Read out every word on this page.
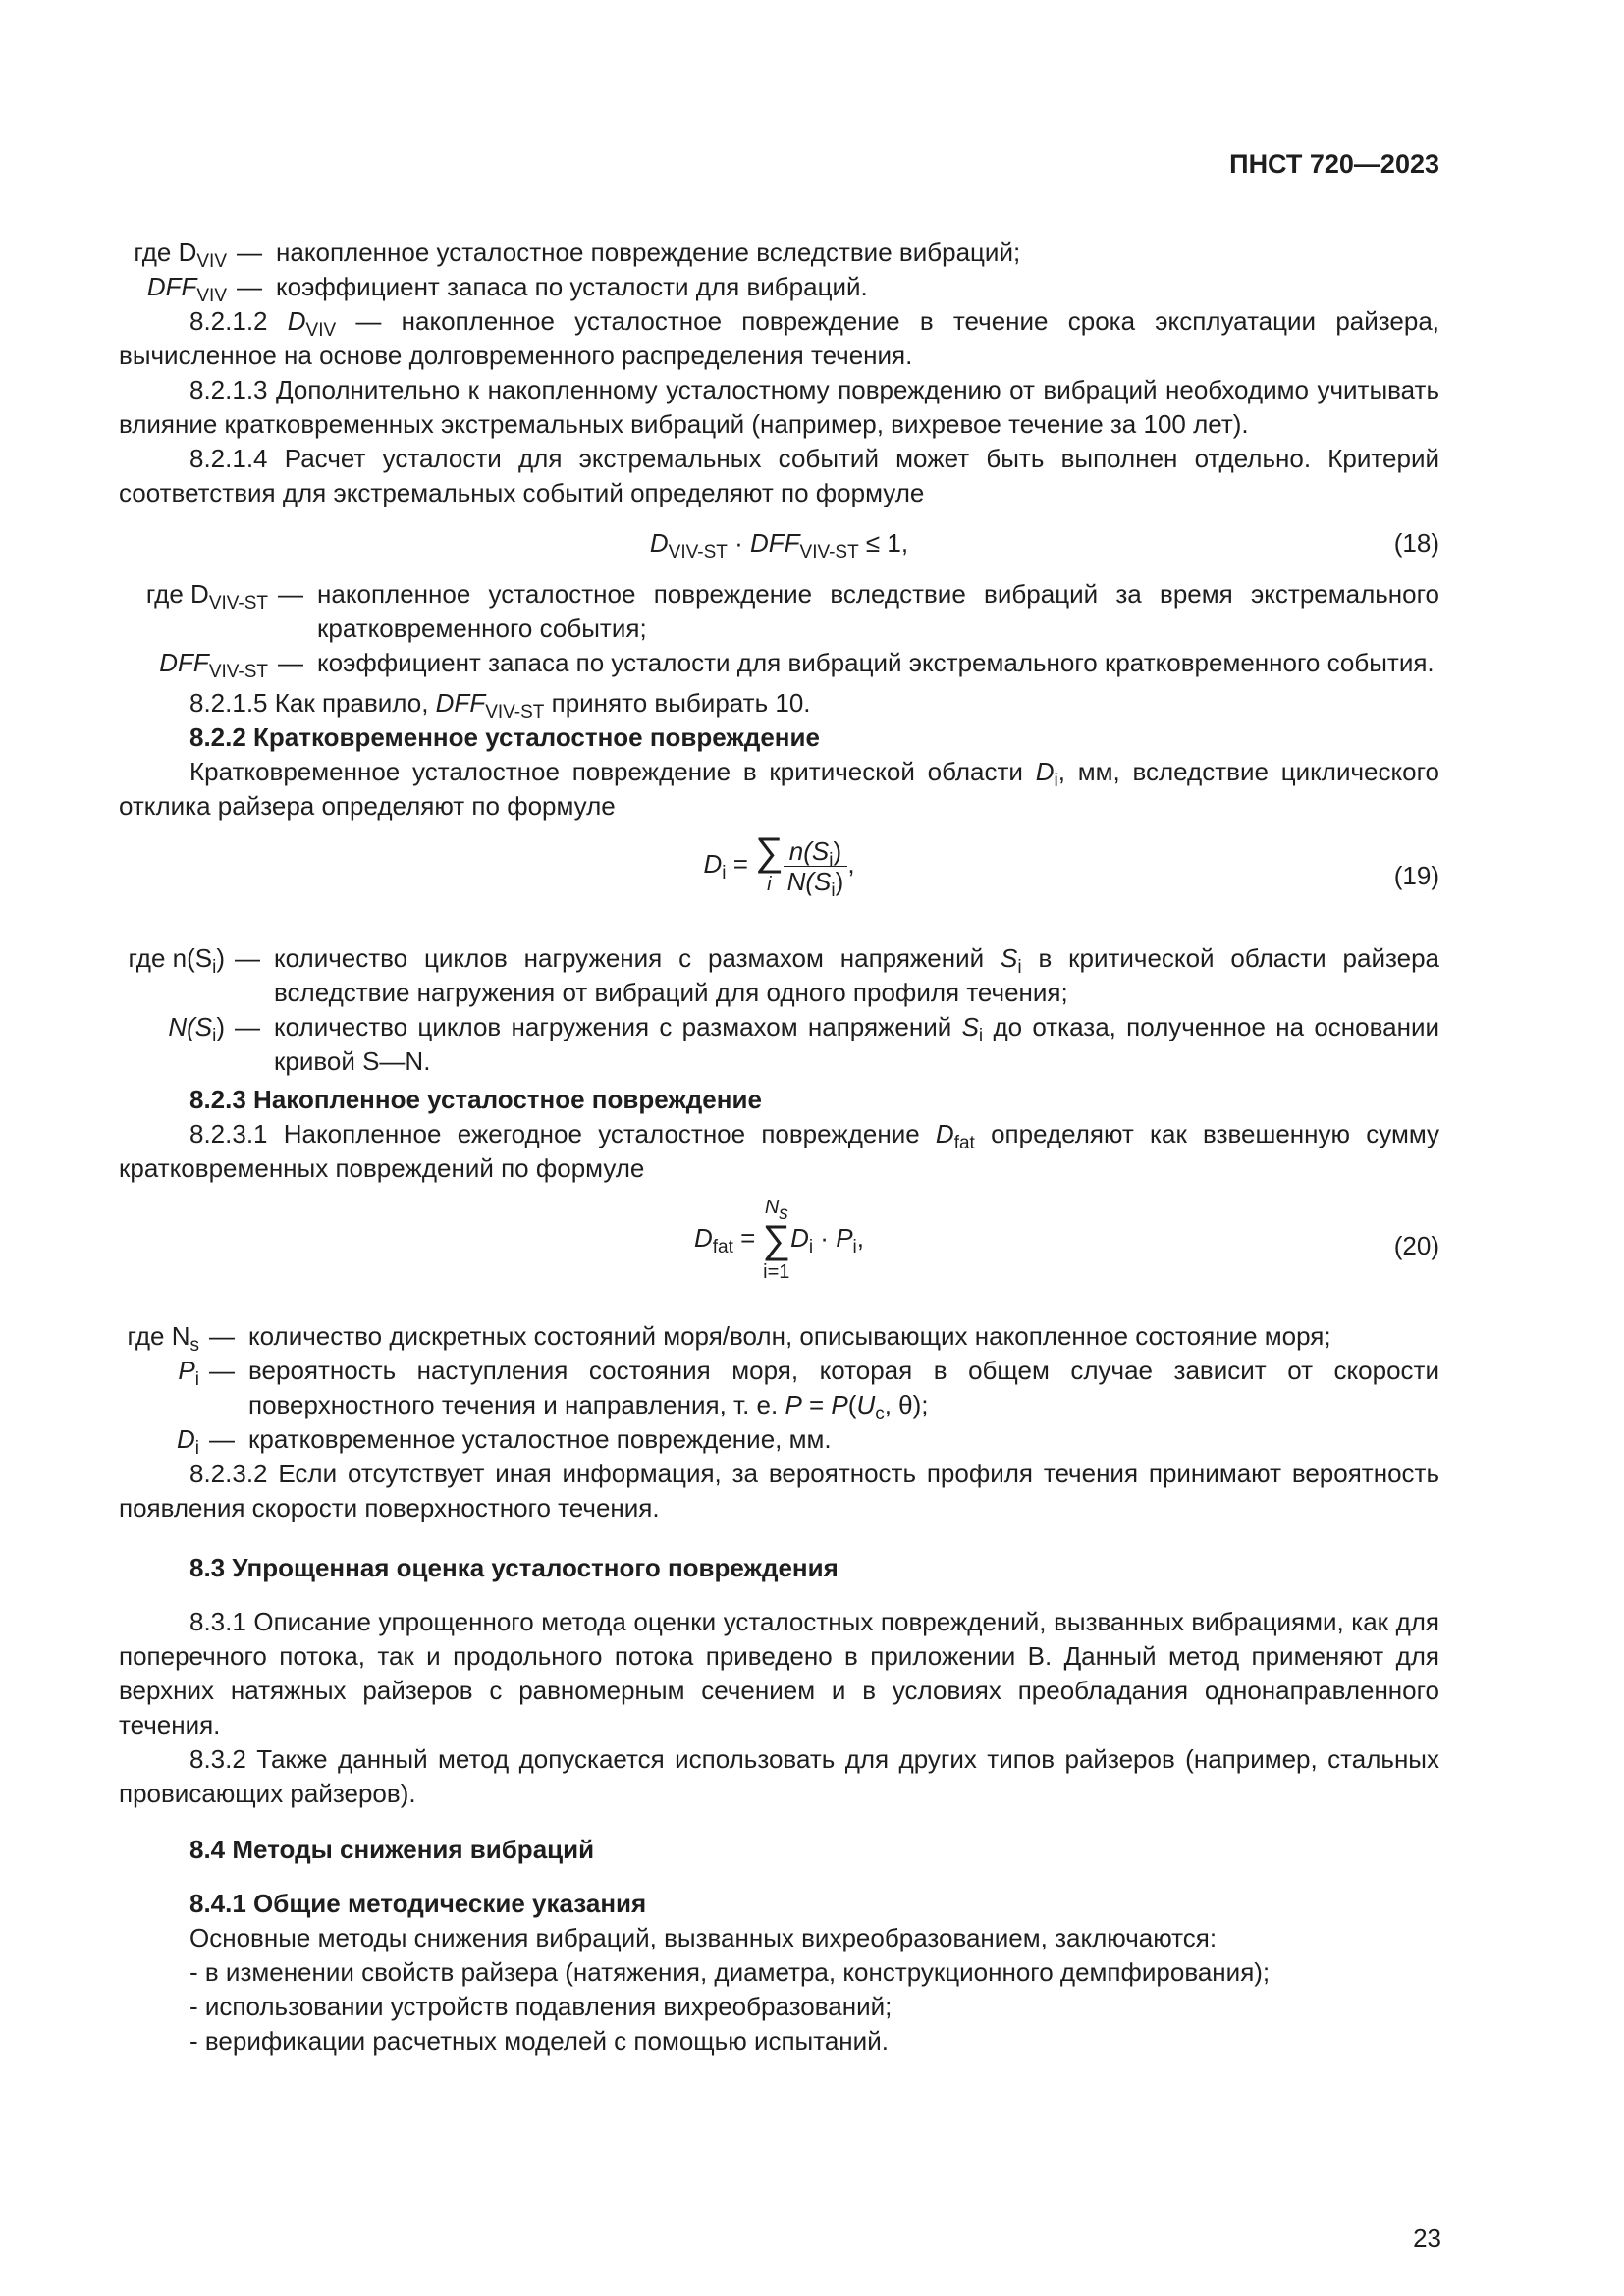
ПНСТ 720—2023
где $D_{VIV}$ — накопленное усталостное повреждение вследствие вибраций;
$DFF_{VIV}$ — коэффициент запаса по усталости для вибраций.

8.2.1.2 $D_{VIV}$ — накопленное усталостное повреждение в течение срока эксплуатации райзера, вычисленное на основе долговременного распределения течения.

8.2.1.3 Дополнительно к накопленному усталостному повреждению от вибраций необходимо учитывать влияние кратковременных экстремальных вибраций (например, вихревое течение за 100 лет).

8.2.1.4 Расчет усталости для экстремальных событий может быть выполнен отдельно. Критерий соответствия для экстремальных событий определяют по формуле

$D_{VIV-ST} \cdot DFF_{VIV-ST} \le 1$,	(18)
где $D_{VIV-ST}$ — накопленное усталостное повреждение вследствие вибраций за время экстремального кратковременного события;
$DFF_{VIV-ST}$ — коэффициент запаса по усталости для вибраций экстремального кратковременного события.

8.2.1.5 Как правило, $DFF_{VIV-ST}$ принято выбирать 10.

8.2.2 Кратковременное усталостное повреждение

Кратковременное усталостное повреждение в критической области $D_i$, мм, вследствие циклического отклика райзера определяют по формуле

$D_i$ = ∑
i $\frac{n(S_i)}{N(S_i)}$ ,	(19)
где $n(S_i)$ — количество циклов нагружения с размахом напряжений $S_i$ в критической области райзера вследствие нагружения от вибраций для одного профиля течения;
$N(S_i)$ — количество циклов нагружения с размахом напряжений $S_i$ до отказа, полученное на основании кривой S—N.

8.2.3 Накопленное усталостное повреждение

8.2.3.1 Накопленное ежегодное усталостное повреждение $D_{fat}$ определяют как взвешенную сумму кратковременных повреждений по формуле

$D_{fat}$ =
$N_s$
∑
i=1
$D_i \cdot P_i$,	(20)
где $N_s$ — количество дискретных состояний моря/волн, описывающих накопленное состояние моря;
$P_i$ — вероятность наступления состояния моря, которая в общем случае зависит от скорости поверхностного течения и направления, т. е. $P = P(U_c$, θ);
$D_i$ — кратковременное усталостное повреждение, мм.

8.2.3.2 Если отсутствует иная информация, за вероятность профиля течения принимают вероятность появления скорости поверхностного течения.

8.3 Упрощенная оценка усталостного повреждения

8.3.1 Описание упрощенного метода оценки усталостных повреждений, вызванных вибрациями, как для поперечного потока, так и продольного потока приведено в приложении В. Данный метод применяют для верхних натяжных райзеров с равномерным сечением и в условиях преобладания однонаправленного течения.

8.3.2 Также данный метод допускается использовать для других типов райзеров (например, стальных провисающих райзеров).

8.4 Методы снижения вибраций

8.4.1 Общие методические указания

Основные методы снижения вибраций, вызванных вихреобразованием, заключаются:

- в изменении свойств райзера (натяжения, диаметра, конструкционного демпфирования);

- использовании устройств подавления вихреобразований;

- верификации расчетных моделей с помощью испытаний.

23
